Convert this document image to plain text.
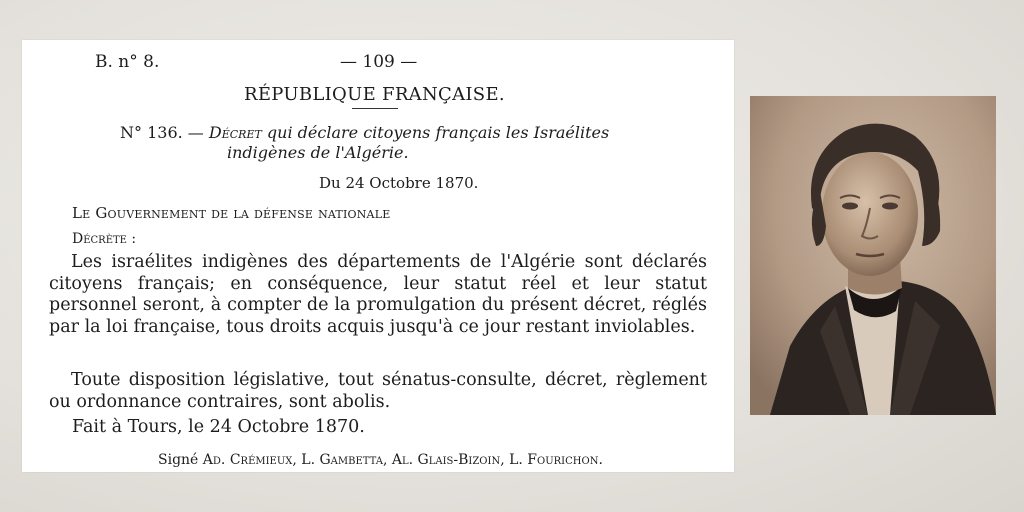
B. n° 8.	— 109 —
RÉPUBLIQUE FRANÇAISE.
N° 136. — Décret qui déclare citoyens français les Israélites
indigènes de l'Algérie.
Du 24 Octobre 1870.
Le Gouvernement de la défense nationale
Décrète :
Les israélites indigènes des départements de l'Algérie sont déclarés citoyens français; en conséquence, leur statut réel et leur statut personnel seront, à compter de la promulgation du présent décret, réglés par la loi française, tous droits acquis jusqu'à ce jour restant inviolables.
Toute disposition législative, tout sénatus-consulte, décret, règlement ou ordonnance contraires, sont abolis.
Fait à Tours, le 24 Octobre 1870.
Signé Ad. Crémieux, L. Gambetta, Al. Glais-Bizoin, L. Fourichon.
